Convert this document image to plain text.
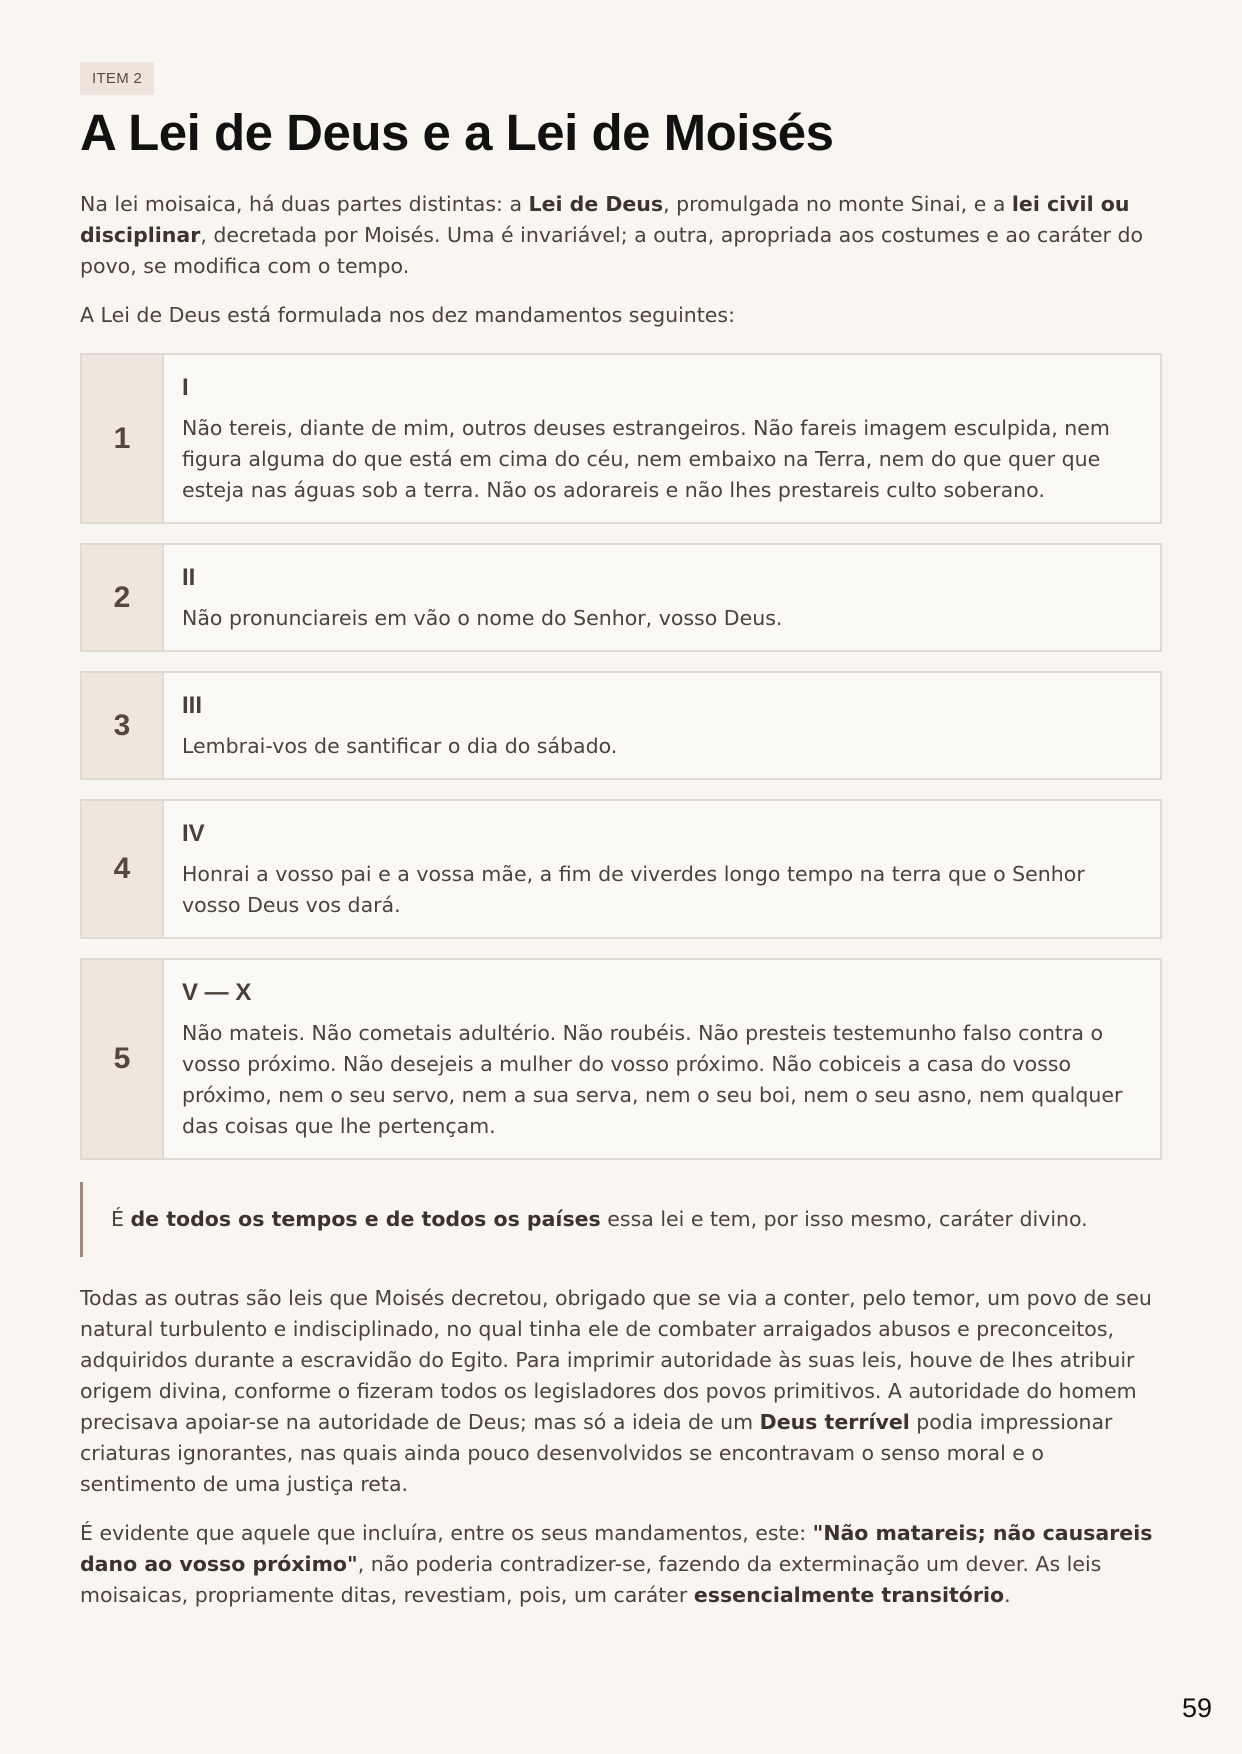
ITEM 2
A Lei de Deus e a Lei de Moisés

Na lei moisaica, há duas partes distintas: a Lei de Deus, promulgada no monte Sinai, e a lei civil ou disciplinar, decretada por Moisés. Uma é invariável; a outra, apropriada aos costumes e ao caráter do povo, se modifica com o tempo.

A Lei de Deus está formulada nos dez mandamentos seguintes:

1
I
Não tereis, diante de mim, outros deuses estrangeiros. Não fareis imagem esculpida, nem figura alguma do que está em cima do céu, nem embaixo na Terra, nem do que quer que esteja nas águas sob a terra. Não os adorareis e não lhes prestareis culto soberano.
2
II
Não pronunciareis em vão o nome do Senhor, vosso Deus.
3
III
Lembrai-vos de santificar o dia do sábado.
4
IV
Honrai a vosso pai e a vossa mãe, a fim de viverdes longo tempo na terra que o Senhor vosso Deus vos dará.
5
V — X
Não mateis. Não cometais adultério. Não roubéis. Não presteis testemunho falso contra o vosso próximo. Não desejeis a mulher do vosso próximo. Não cobiceis a casa do vosso próximo, nem o seu servo, nem a sua serva, nem o seu boi, nem o seu asno, nem qualquer das coisas que lhe pertençam.
É de todos os tempos e de todos os países essa lei e tem, por isso mesmo, caráter divino.

Todas as outras são leis que Moisés decretou, obrigado que se via a conter, pelo temor, um povo de seu natural turbulento e indisciplinado, no qual tinha ele de combater arraigados abusos e preconceitos, adquiridos durante a escravidão do Egito. Para imprimir autoridade às suas leis, houve de lhes atribuir origem divina, conforme o fizeram todos os legisladores dos povos primitivos. A autoridade do homem precisava apoiar-se na autoridade de Deus; mas só a ideia de um Deus terrível podia impressionar criaturas ignorantes, nas quais ainda pouco desenvolvidos se encontravam o senso moral e o sentimento de uma justiça reta.

É evidente que aquele que incluíra, entre os seus mandamentos, este: "Não matareis; não causareis dano ao vosso próximo", não poderia contradizer-se, fazendo da exterminação um dever. As leis moisaicas, propriamente ditas, revestiam, pois, um caráter essencialmente transitório.

59
